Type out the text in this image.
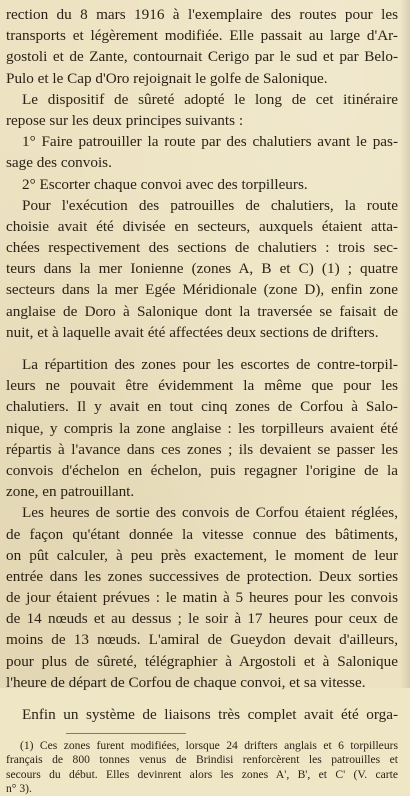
rection du 8 mars 1916 à l'exemplaire des routes pour les
transports et légèrement modifiée. Elle passait au large d'Ar-
gostoli et de Zante, contournait Cerigo par le sud et par Belo-
Pulo et le Cap d'Oro rejoignait le golfe de Salonique.
Le dispositif de sûreté adopté le long de cet itinéraire
repose sur les deux principes suivants :
1° Faire patrouiller la route par des chalutiers avant le pas-
sage des convois.
2° Escorter chaque convoi avec des torpilleurs.
Pour l'exécution des patrouilles de chalutiers, la route
choisie avait été divisée en secteurs, auxquels étaient atta-
chées respectivement des sections de chalutiers : trois sec-
teurs dans la mer Ionienne (zones A, B et C) (1) ; quatre
secteurs dans la mer Egée Méridionale (zone D), enfin zone
anglaise de Doro à Salonique dont la traversée se faisait de
nuit, et à laquelle avait été affectées deux sections de drifters.
La répartition des zones pour les escortes de contre-torpil-
leurs ne pouvait être évidemment la même que pour les
chalutiers. Il y avait en tout cinq zones de Corfou à Salo-
nique, y compris la zone anglaise : les torpilleurs avaient été
répartis à l'avance dans ces zones ; ils devaient se passer les
convois d'échelon en échelon, puis regagner l'origine de la
zone, en patrouillant.
Les heures de sortie des convois de Corfou étaient réglées,
de façon qu'étant donnée la vitesse connue des bâtiments,
on pût calculer, à peu près exactement, le moment de leur
entrée dans les zones successives de protection. Deux sorties
de jour étaient prévues : le matin à 5 heures pour les convois
de 14 nœuds et au dessus ; le soir à 17 heures pour ceux de
moins de 13 nœuds. L'amiral de Gueydon devait d'ailleurs,
pour plus de sûreté, télégraphier à Argostoli et à Salonique
l'heure de départ de Corfou de chaque convoi, et sa vitesse.
Enfin un système de liaisons très complet avait été orga-
(1) Ces zones furent modifiées, lorsque 24 drifters anglais et 6 torpilleurs
français de 800 tonnes venus de Brindisi renforcèrent les patrouilles et
secours du début. Elles devinrent alors les zones A', B', et C' (V. carte
n° 3).
